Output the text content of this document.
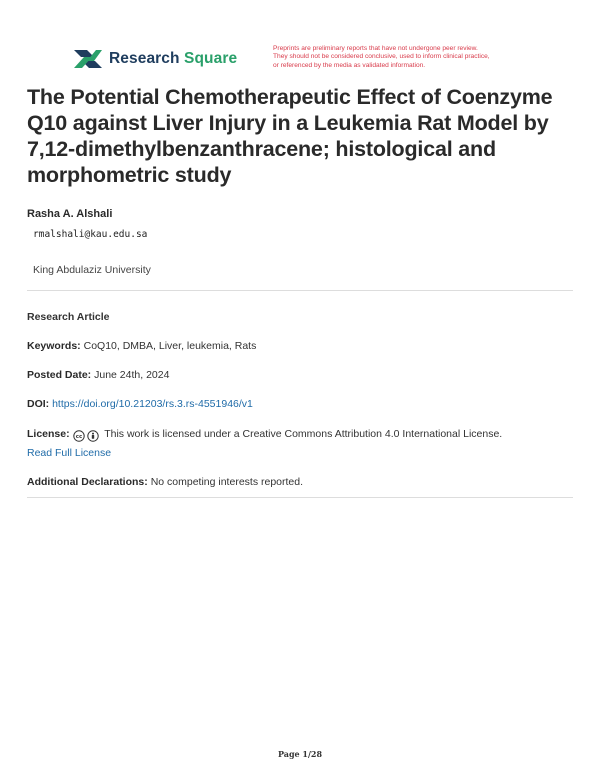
Research Square
Preprints are preliminary reports that have not undergone peer review.
They should not be considered conclusive, used to inform clinical practice,
or referenced by the media as validated information.
The Potential Chemotherapeutic Effect of Coenzyme Q10 against Liver Injury in a Leukemia Rat Model by 7,12-dimethylbenzanthracene; histological and morphometric study
Rasha A. Alshali
rmalshali@kau.edu.sa
King Abdulaziz University
Research Article
Keywords: CoQ10, DMBA, Liver, leukemia, Rats
Posted Date: June 24th, 2024
DOI: https://doi.org/10.21203/rs.3.rs-4551946/v1
License: cc This work is licensed under a Creative Commons Attribution 4.0 International License.
Read Full License
Additional Declarations: No competing interests reported.
Page 1/28
